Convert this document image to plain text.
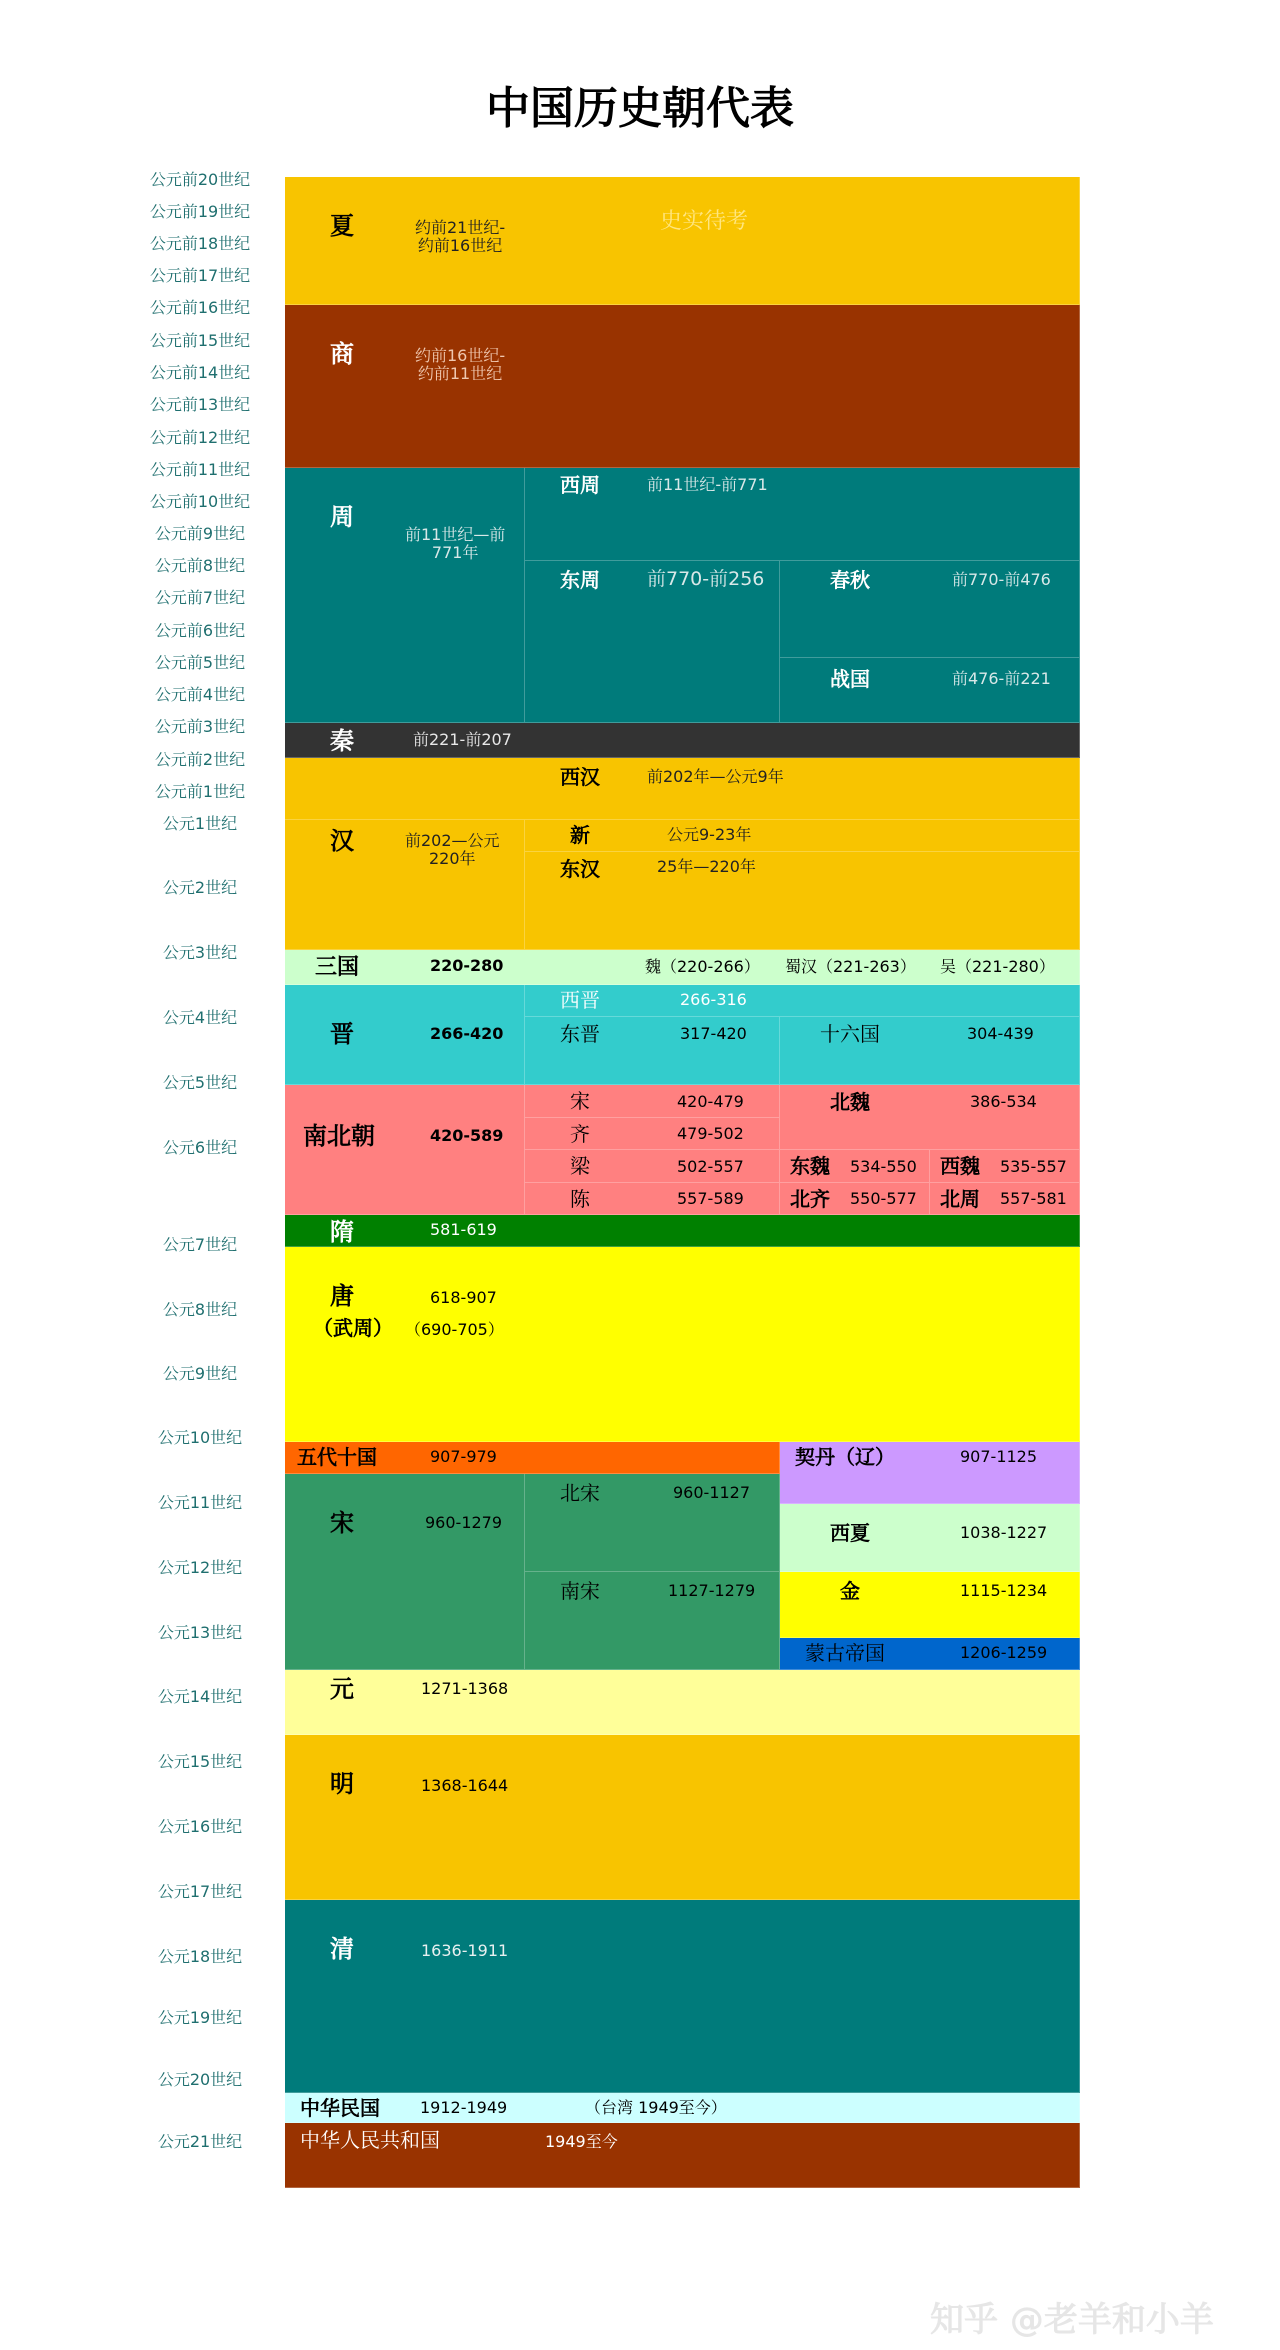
中国历史朝代表
公元前20世纪
公元前19世纪
公元前18世纪
公元前17世纪
公元前16世纪
公元前15世纪
公元前14世纪
公元前13世纪
公元前12世纪
公元前11世纪
公元前10世纪
公元前9世纪
公元前8世纪
公元前7世纪
公元前6世纪
公元前5世纪
公元前4世纪
公元前3世纪
公元前2世纪
公元前1世纪
公元1世纪
公元2世纪
公元3世纪
公元4世纪
公元5世纪
公元6世纪
公元7世纪
公元8世纪
公元9世纪
公元10世纪
公元11世纪
公元12世纪
公元13世纪
公元14世纪
公元15世纪
公元16世纪
公元17世纪
公元18世纪
公元19世纪
公元20世纪
公元21世纪
夏	约前21世纪-
约前16世纪
史实待考
商	约前16世纪-
约前11世纪
周
前11世纪—前
771年
西周	前11世纪-前771
东周 前770-前256	春秋	前770-前476
战国	前476-前221
秦	前221-前207
汉	前202—公元
220年
西汉	前202年—公元9年
新	公元9-23年
东汉	25年—220年
三国	220-280	魏（220-266） 蜀汉（221-263） 吴（221-280）
晋	266-420
西晋	266-316
东晋	317-420	十六国	304-439
南北朝	420-589
宋	420-479
齐	479-502
梁	502-557
陈	557-589
北魏	386-534
东魏 534-550 西魏 535-557
北齐 550-577 北周 557-581
隋	581-619
唐	618-907
（武周） （690-705）
五代十国	907-979	契丹（辽）	907-1125
宋	960-1279
北宋	960-1127
南宋	1127-1279
西夏	1038-1227
金	1115-1234
蒙古帝国	1206-1259
元	1271-1368
明	1368-1644
清	1636-1911
中华民国	1912-1949	（台湾 1949至今）
中华人民共和国	1949至今
知乎 @老羊和小羊
